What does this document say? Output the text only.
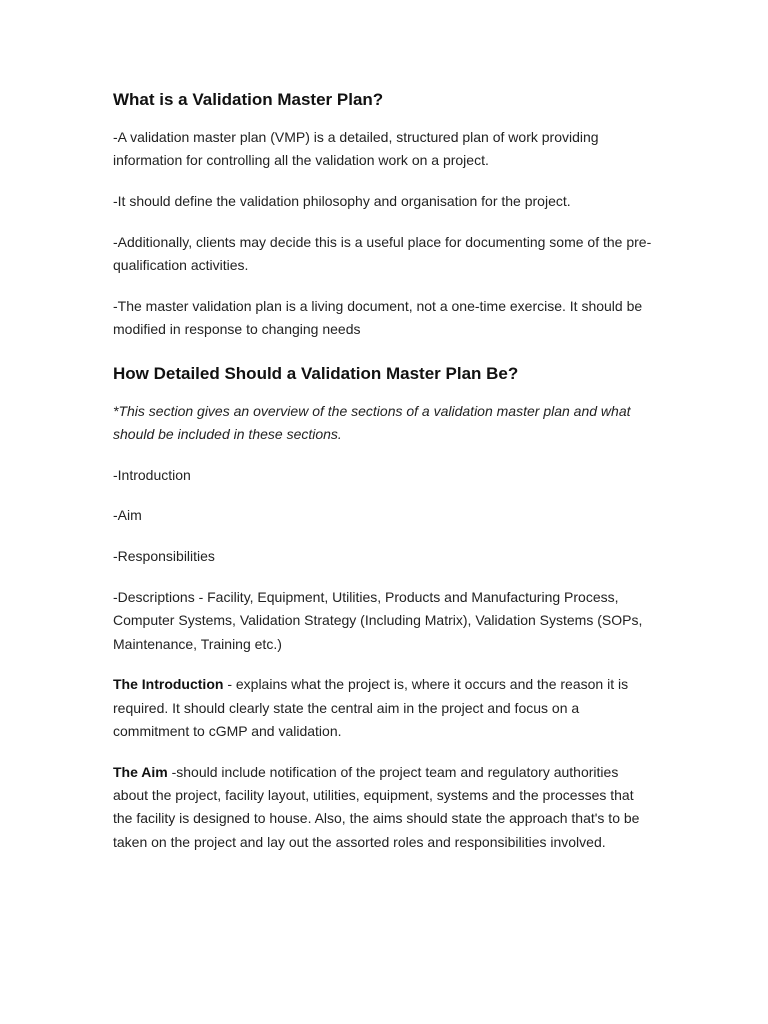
What is a Validation Master Plan?

-A validation master plan (VMP) is a detailed, structured plan of work providing information for controlling all the validation work on a project.

-It should define the validation philosophy and organisation for the project.

-Additionally, clients may decide this is a useful place for documenting some of the pre-qualification activities.

-The master validation plan is a living document, not a one-time exercise. It should be modified in response to changing needs

How Detailed Should a Validation Master Plan Be?

*This section gives an overview of the sections of a validation master plan and what should be included in these sections.

-Introduction

-Aim

-Responsibilities

-Descriptions - Facility, Equipment, Utilities, Products and Manufacturing Process, Computer Systems, Validation Strategy (Including Matrix), Validation Systems (SOPs, Maintenance, Training etc.)

The Introduction - explains what the project is, where it occurs and the reason it is required. It should clearly state the central aim in the project and focus on a commitment to cGMP and validation.

The Aim -should include notification of the project team and regulatory authorities about the project, facility layout, utilities, equipment, systems and the processes that the facility is designed to house. Also, the aims should state the approach that's to be taken on the project and lay out the assorted roles and responsibilities involved.
